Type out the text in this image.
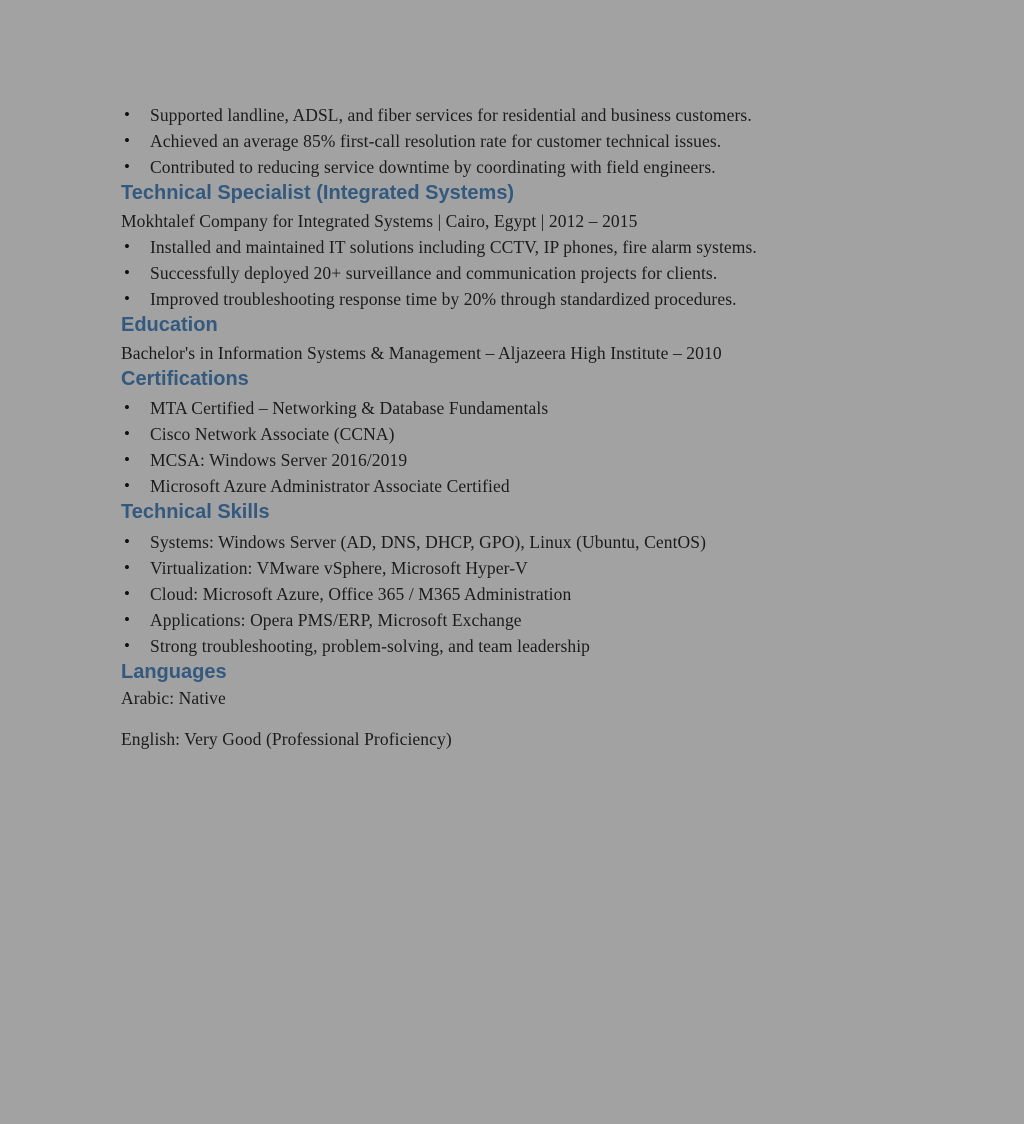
• Supported landline, ADSL, and fiber services for residential and business customers.
• Achieved an average 85% first-call resolution rate for customer technical issues.
• Contributed to reducing service downtime by coordinating with field engineers.
Technical Specialist (Integrated Systems)

Mokhtalef Company for Integrated Systems | Cairo, Egypt | 2012 – 2015

• Installed and maintained IT solutions including CCTV, IP phones, fire alarm systems.
• Successfully deployed 20+ surveillance and communication projects for clients.
• Improved troubleshooting response time by 20% through standardized procedures.
Education

Bachelor's in Information Systems & Management – Aljazeera High Institute – 2010

Certifications
• MTA Certified – Networking & Database Fundamentals
• Cisco Network Associate (CCNA)
• MCSA: Windows Server 2016/2019
• Microsoft Azure Administrator Associate Certified
Technical Skills
• Systems: Windows Server (AD, DNS, DHCP, GPO), Linux (Ubuntu, CentOS)
• Virtualization: VMware vSphere, Microsoft Hyper-V
• Cloud: Microsoft Azure, Office 365 / M365 Administration
• Applications: Opera PMS/ERP, Microsoft Exchange
• Strong troubleshooting, problem-solving, and team leadership
Languages

Arabic: Native

English: Very Good (Professional Proficiency)
